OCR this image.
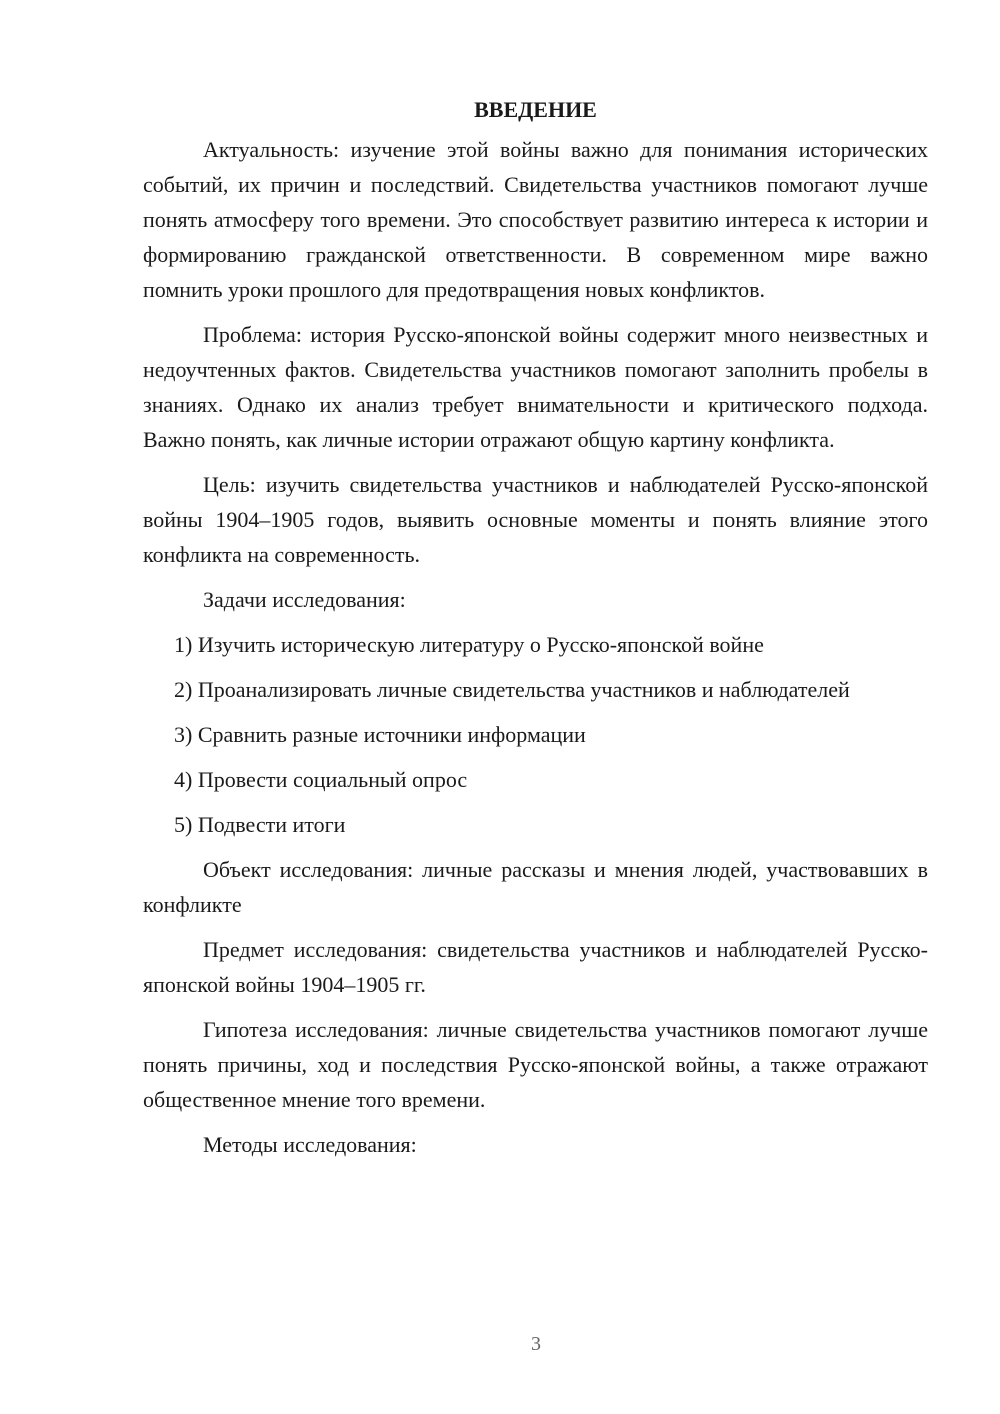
ВВЕДЕНИЕ

Актуальность: изучение этой войны важно для понимания исторических событий, их причин и последствий. Свидетельства участников помогают лучше понять атмосферу того времени. Это способствует развитию интереса к истории и формированию гражданской ответственности. В современном мире важно помнить уроки прошлого для предотвращения новых конфликтов.

Проблема: история Русско-японской войны содержит много неизвестных и недоучтенных фактов. Свидетельства участников помогают заполнить пробелы в знаниях. Однако их анализ требует внимательности и критического подхода. Важно понять, как личные истории отражают общую картину конфликта.

Цель: изучить свидетельства участников и наблюдателей Русско-японской войны 1904–1905 годов, выявить основные моменты и понять влияние этого конфликта на современность.

Задачи исследования:

1) Изучить историческую литературу о Русско-японской войне

2) Проанализировать личные свидетельства участников и наблюдателей

3) Сравнить разные источники информации

4) Провести социальный опрос

5) Подвести итоги

Объект исследования: личные рассказы и мнения людей, участвовавших в конфликте

Предмет исследования: свидетельства участников и наблюдателей Русско-японской войны 1904–1905 гг.

Гипотеза исследования: личные свидетельства участников помогают лучше понять причины, ход и последствия Русско-японской войны, а также отражают общественное мнение того времени.

Методы исследования:

3
